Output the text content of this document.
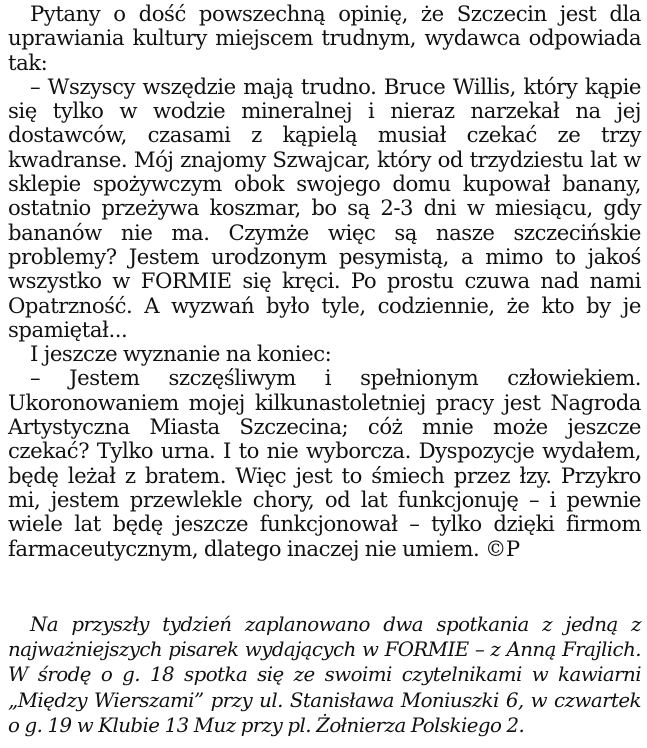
Pytany o dość powszechną opinię, że Szczecin jest dla uprawiania kultury miejscem trudnym, wydawca odpowiada tak:

– Wszyscy wszędzie mają trudno. Bruce Willis, który kąpie się tylko w wodzie mineralnej i nieraz narzekał na jej dostawców, czasami z kąpielą musiał czekać ze trzy kwadranse. Mój znajomy Szwajcar, który od trzydziestu lat w sklepie spożywczym obok swojego domu kupował banany, ostatnio przeżywa koszmar, bo są 2-3 dni w miesiącu, gdy bananów nie ma. Czymże więc są nasze szczecińskie problemy? Jestem urodzonym pesymistą, a mimo to jakoś wszystko w FORMIE się kręci. Po prostu czuwa nad nami Opatrzność. A wyzwań było tyle, codziennie, że kto by je spamiętał...

I jeszcze wyznanie na koniec:

– Jestem szczęśliwym i spełnionym człowiekiem. Ukoronowaniem mojej kilkunastoletniej pracy jest Nagroda Artystyczna Miasta Szczecina; cóż mnie może jeszcze czekać? Tylko urna. I to nie wyborcza. Dyspozycje wydałem, będę leżał z bratem. Więc jest to śmiech przez łzy. Przykro mi, jestem przewlekle chory, od lat funkcjonuję – i pewnie wiele lat będę jeszcze funkcjonował – tylko dzięki firmom farmaceutycznym, dlatego inaczej nie umiem. ©P

Na przyszły tydzień zaplanowano dwa spotkania z jedną z najważniejszych pisarek wydających w FORMIE – z Anną Frajlich. W środę o g. 18 spotka się ze swoimi czytelnikami w kawiarni „Między Wierszami” przy ul. Stanisława Moniuszki 6, w czwartek o g. 19 w Klubie 13 Muz przy pl. Żołnierza Polskiego 2.
